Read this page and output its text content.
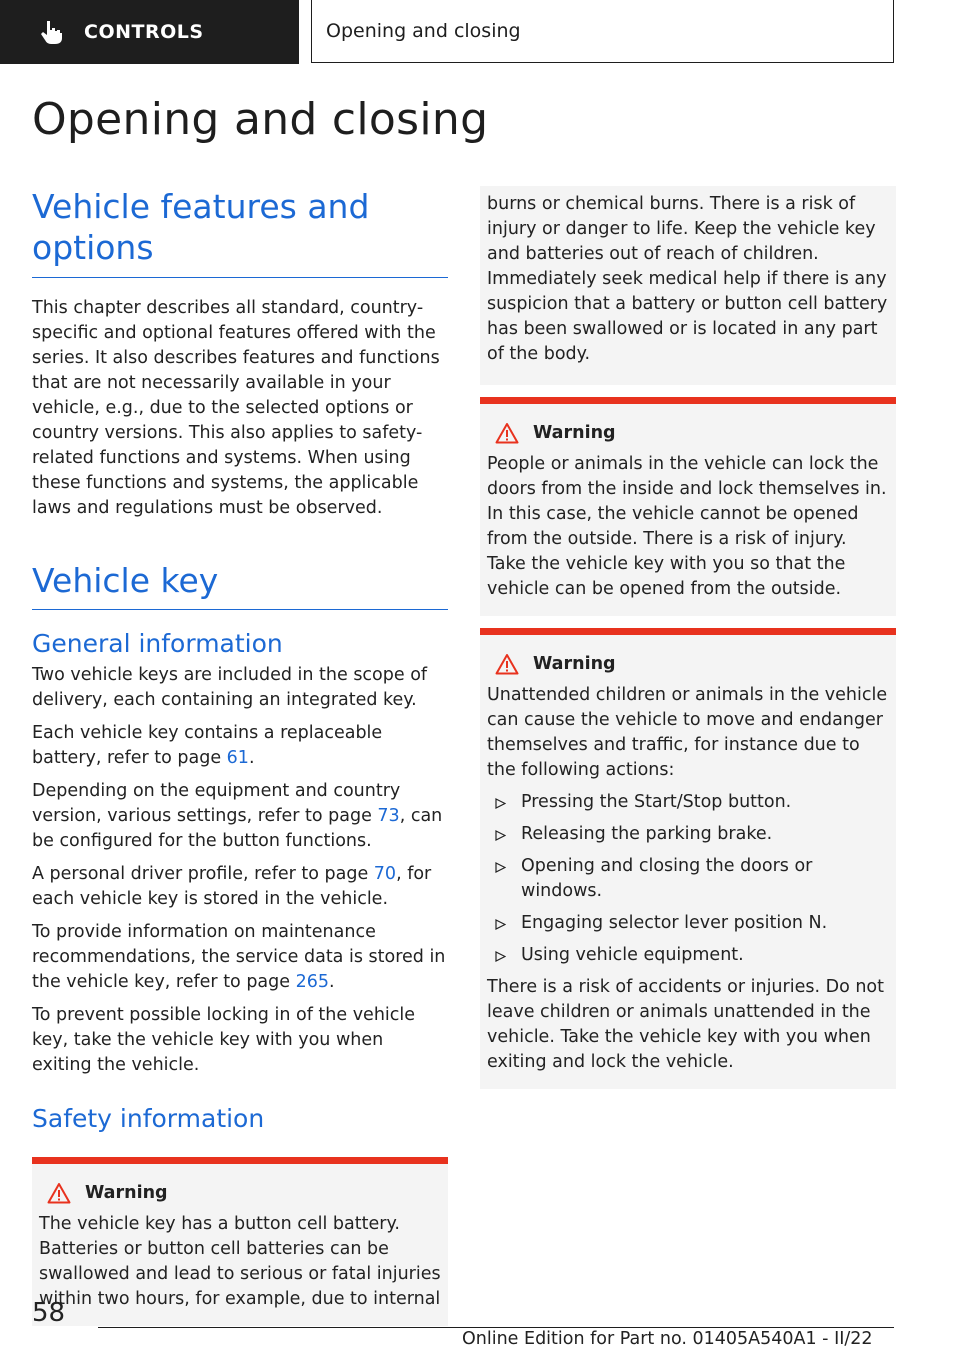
CONTROLS	Opening and closing
Opening and closing
Vehicle features and options

This chapter describes all standard, country-specific and optional features offered with the series. It also describes features and functions that are not necessarily available in your vehicle, e.g., due to the selected options or country versions. This also applies to safety-related functions and systems. When using these functions and systems, the applicable laws and regulations must be observed.

Vehicle key
General information

Two vehicle keys are included in the scope of delivery, each containing an integrated key.

Each vehicle key contains a replaceable battery, refer to page 61.

Depending on the equipment and country version, various settings, refer to page 73, can be configured for the button functions.

A personal driver profile, refer to page 70, for each vehicle key is stored in the vehicle.

To provide information on maintenance recommendations, the service data is stored in the vehicle key, refer to page 265.

To prevent possible locking in of the vehicle key, take the vehicle key with you when exiting the vehicle.

Safety information
Warning

The vehicle key has a button cell battery. Batteries or button cell batteries can be swallowed and lead to serious or fatal injuries within two hours, for example, due to internal

burns or chemical burns. There is a risk of injury or danger to life. Keep the vehicle key and batteries out of reach of children. Immediately seek medical help if there is any suspicion that a battery or button cell battery has been swallowed or is located in any part of the body.

Warning

People or animals in the vehicle can lock the doors from the inside and lock themselves in. In this case, the vehicle cannot be opened from the outside. There is a risk of injury. Take the vehicle key with you so that the vehicle can be opened from the outside.

Warning

Unattended children or animals in the vehicle can cause the vehicle to move and endanger themselves and traffic, for instance due to the following actions:

Pressing the Start/Stop button.
Releasing the parking brake.
Opening and closing the doors or windows.
Engaging selector lever position N.
Using vehicle equipment.

There is a risk of accidents or injuries. Do not leave children or animals unattended in the vehicle. Take the vehicle key with you when exiting and lock the vehicle.

58
Online Edition for Part no. 01405A540A1 - II/22
